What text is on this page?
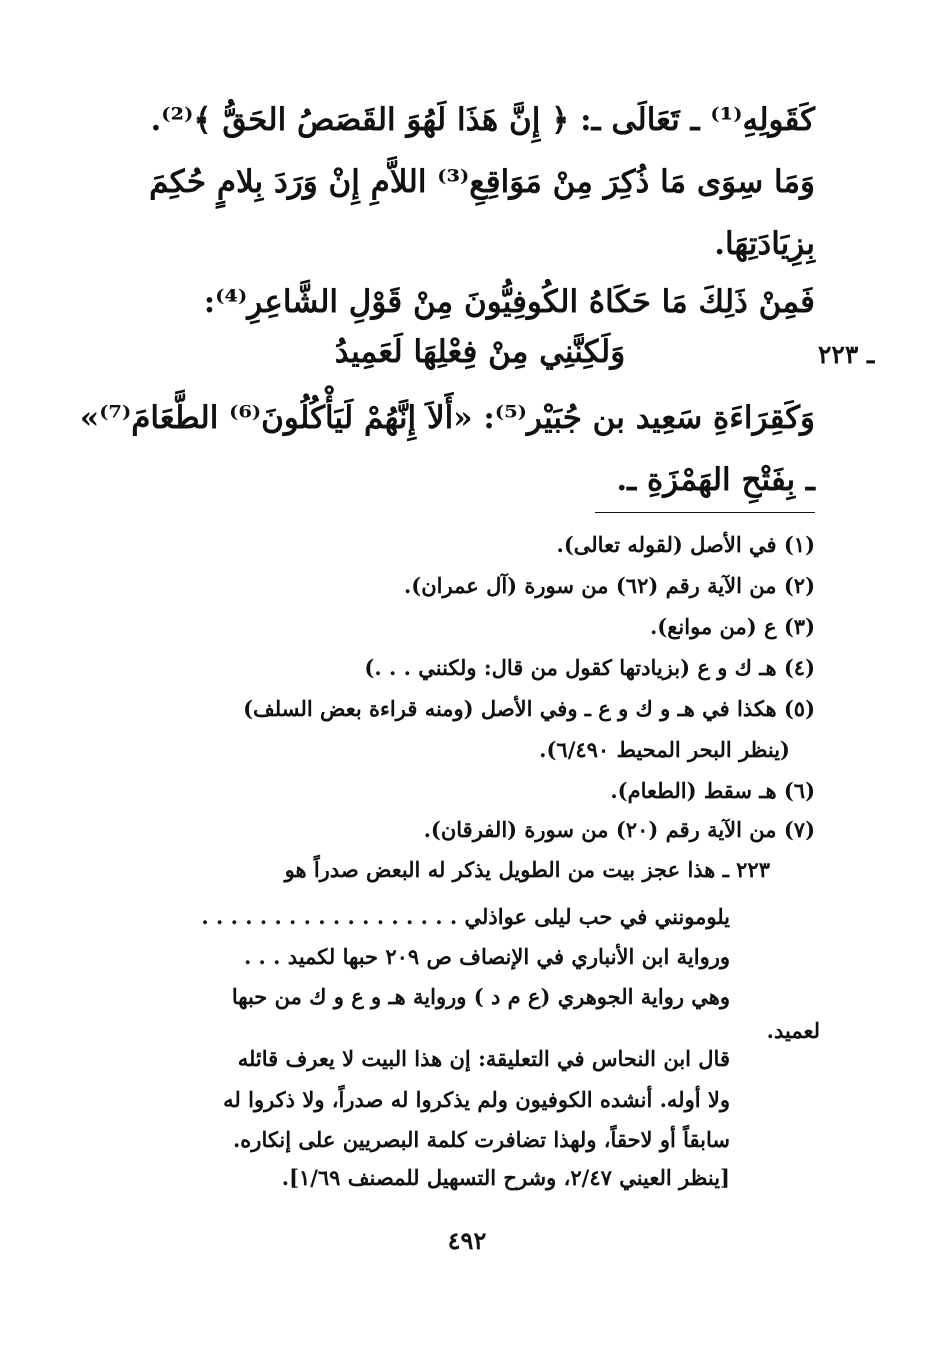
كَقَولِهِ⁽¹⁾ ـ تَعَالَى ـ: ﴿ إِنَّ هَذَا لَهُوَ القَصَصُ الحَقُّ ﴾⁽²⁾.
وَمَا سِوَى مَا ذُكِرَ مِنْ مَوَاقِعِ⁽³⁾ اللاَّمِ إِنْ وَرَدَ بِلامٍ حُكِمَ
بِزِيَادَتِهَا.
فَمِنْ ذَلِكَ مَا حَكَاهُ الكُوفِيُّونَ مِنْ قَوْلِ الشَّاعِرِ⁽⁴⁾:
وَلَكِنَّنِي مِنْ فِعْلِهَا لَعَمِيدُ	ـ ٢٢٣
وَكَقِرَاءَةِ سَعِيد بن جُبَيْر⁽⁵⁾: «أَلاَ إِنَّهُمْ لَيَأْكُلُونَ⁽⁶⁾ الطَّعَامَ⁽⁷⁾»
ـ بِفَتْحِ الهَمْزَةِ ـ.
(١) في الأصل (لقوله تعالى).
(٢) من الآية رقم (٦٢) من سورة (آل عمران).
(٣) ع (من موانع).
(٤) هـ ك و ع (بزيادتها كقول من قال: ولكنني . . .)
(٥) هكذا في هـ و ك و ع ـ وفي الأصل (ومنه قراءة بعض السلف)
(ينظر البحر المحيط ٦/٤٩٠).
(٦) هـ سقط (الطعام).
(٧) من الآية رقم (٢٠) من سورة (الفرقان).
٢٢٣ ـ هذا عجز بيت من الطويل يذكر له البعض صدراً هو
يلومونني في حب ليلى عواذلي . . . . . . . . . . . . . . . . . .
ورواية ابن الأنباري في الإنصاف ص ٢٠٩ حبها لكميد . . .
وهي رواية الجوهري (ع م د ) ورواية هـ و ع و ك من حبها
لعميد.
قال ابن النحاس في التعليقة: إن هذا البيت لا يعرف قائله
ولا أوله. أنشده الكوفيون ولم يذكروا له صدراً، ولا ذكروا له
سابقاً أو لاحقاً، ولهذا تضافرت كلمة البصريين على إنكاره.
[ينظر العيني ٢/٤٧، وشرح التسهيل للمصنف ١/٦٩].
٤٩٢
